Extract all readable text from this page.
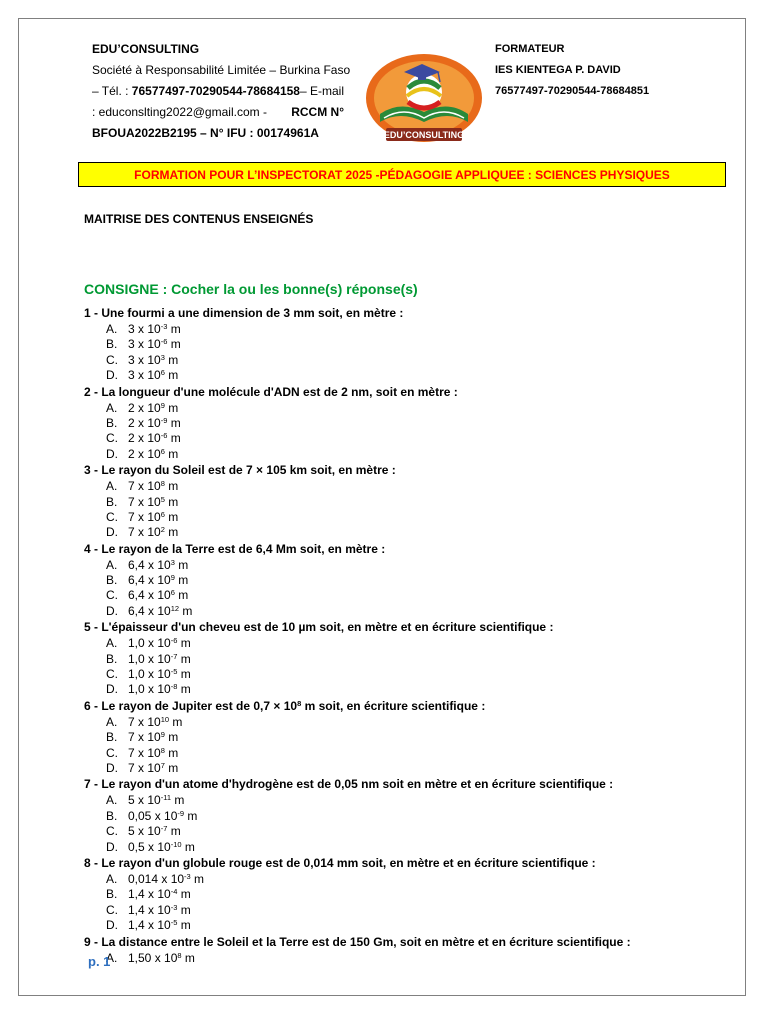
EDU’CONSULTING
Société à Responsabilité Limitée – Burkina Faso
– Tél. : 76577497-70290544-78684158 – E-mail
: educonslting2022@gmail.com - RCCM N°
BFOUA2022B2195 – N° IFU : 00174961A	EDU’CONSULTING
FORMATEUR
IES KIENTEGA P. DAVID
76577497-70290544-78684851
FORMATION POUR L’INSPECTORAT 2025 -PÉDAGOGIE APPLIQUEE : SCIENCES PHYSIQUES
MAITRISE DES CONTENUS ENSEIGNÉS
CONSIGNE : Cocher la ou les bonne(s) réponse(s)
1 - Une fourmi a une dimension de 3 mm soit, en mètre :
A. 3 x $10^{-3}$ m
B. 3 x $10^{-6}$ m
C. 3 x $10^3$ m
D. 3 x $10^6$ m
2 - La longueur d'une molécule d'ADN est de 2 nm, soit en mètre :
A. 2 x $10^9$ m
B. 2 x $10^{-9}$ m
C. 2 x $10^{-6}$ m
D. 2 x $10^6$ m
3 - Le rayon du Soleil est de 7 × 105 km soit, en mètre :
A. 7 x $10^8$ m
B. 7 x $10^5$ m
C. 7 x $10^6$ m
D. 7 x $10^2$ m
4 - Le rayon de la Terre est de 6,4 Mm soit, en mètre :
A. 6,4 x $10^3$ m
B. 6,4 x $10^9$ m
C. 6,4 x $10^6$ m
D. 6,4 x $10^{12}$ m
5 - L'épaisseur d'un cheveu est de 10 µm soit, en mètre et en écriture scientifique :
A. 1,0 x $10^{-6}$ m
B. 1,0 x $10^{-7}$ m
C. 1,0 x $10^{-5}$ m
D. 1,0 x $10^{-8}$ m
6 - Le rayon de Jupiter est de $0,7 \times 10^8$ m soit, en écriture scientifique :
A. 7 x $10^{10}$ m
B. 7 x $10^9$ m
C. 7 x $10^8$ m
D. 7 x $10^7$ m
7 - Le rayon d'un atome d'hydrogène est de 0,05 nm soit en mètre et en écriture scientifique :
A. 5 x $10^{-11}$ m
B. 0,05 x $10^{-9}$ m
C. 5 x $10^{-7}$ m
D. 0,5 x $10^{-10}$ m
8 - Le rayon d'un globule rouge est de 0,014 mm soit, en mètre et en écriture scientifique :
A. 0,014 x $10^{-3}$ m
B. 1,4 x $10^{-4}$ m
C. 1,4 x $10^{-3}$ m
D. 1,4 x $10^{-5}$ m
9 - La distance entre le Soleil et la Terre est de 150 Gm, soit en mètre et en écriture scientifique :
A. 1,50 x $10^8$ m
p. 1
